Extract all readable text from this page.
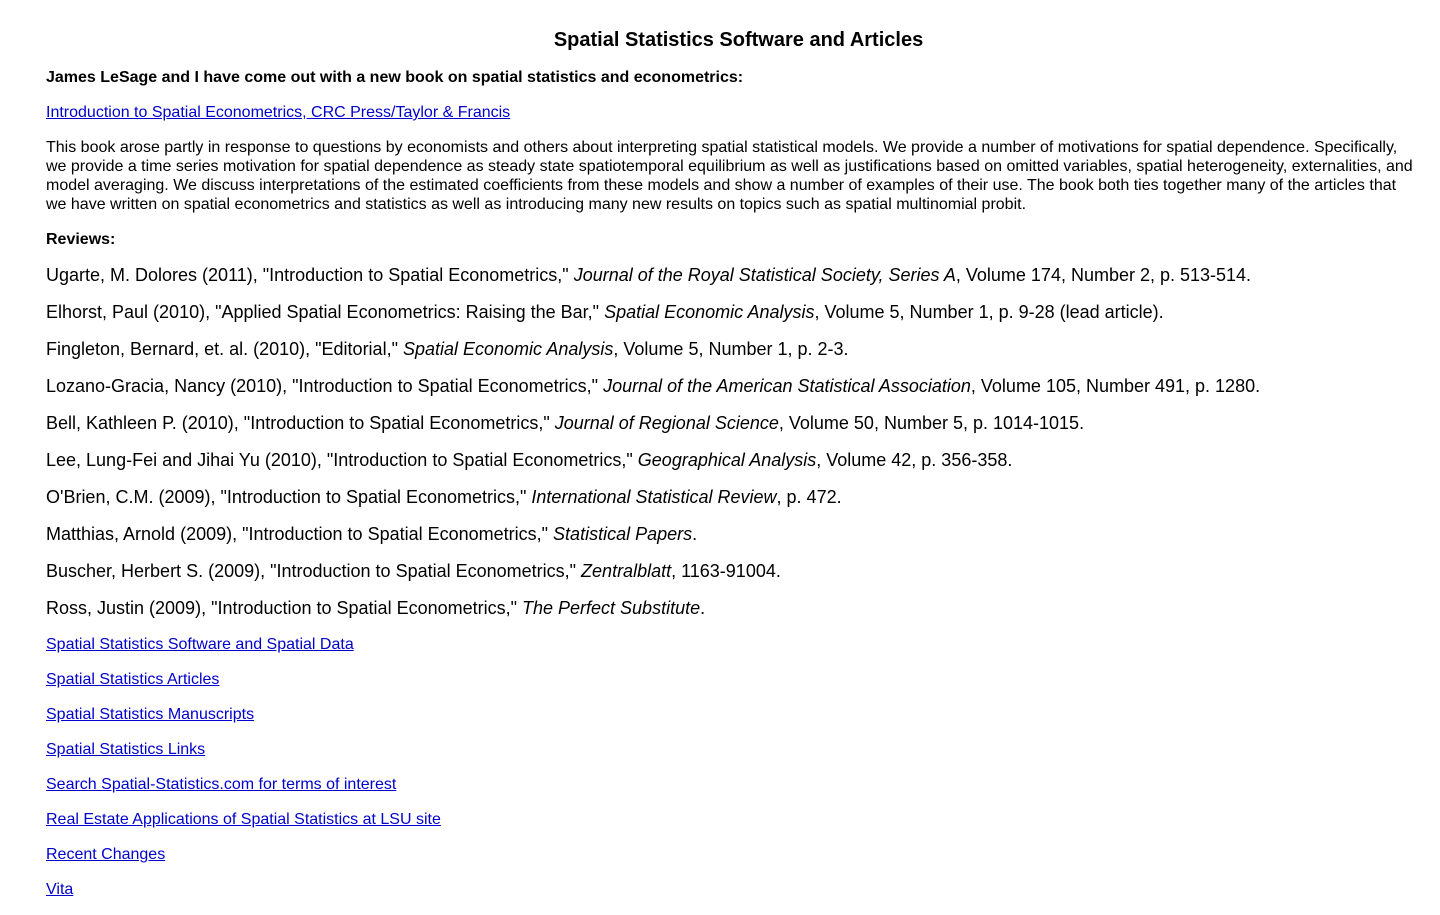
Spatial Statistics Software and Articles

James LeSage and I have come out with a new book on spatial statistics and econometrics:

Introduction to Spatial Econometrics, CRC Press/Taylor & Francis

This book arose partly in response to questions by economists and others about interpreting spatial statistical models. We provide a number of motivations for spatial dependence. Specifically, we provide a time series motivation for spatial dependence as steady state spatiotemporal equilibrium as well as justifications based on omitted variables, spatial heterogeneity, externalities, and model averaging. We discuss interpretations of the estimated coefficients from these models and show a number of examples of their use. The book both ties together many of the articles that we have written on spatial econometrics and statistics as well as introducing many new results on topics such as spatial multinomial probit.

Reviews:

Ugarte, M. Dolores (2011), "Introduction to Spatial Econometrics," Journal of the Royal Statistical Society, Series A, Volume 174, Number 2, p. 513-514.
Elhorst, Paul (2010), "Applied Spatial Econometrics: Raising the Bar," Spatial Economic Analysis, Volume 5, Number 1, p. 9-28 (lead article).
Fingleton, Bernard, et. al. (2010), "Editorial," Spatial Economic Analysis, Volume 5, Number 1, p. 2-3.
Lozano-Gracia, Nancy (2010), "Introduction to Spatial Econometrics," Journal of the American Statistical Association, Volume 105, Number 491, p. 1280.
Bell, Kathleen P. (2010), "Introduction to Spatial Econometrics," Journal of Regional Science, Volume 50, Number 5, p. 1014-1015.
Lee, Lung-Fei and Jihai Yu (2010), "Introduction to Spatial Econometrics," Geographical Analysis, Volume 42, p. 356-358.
O'Brien, C.M. (2009), "Introduction to Spatial Econometrics," International Statistical Review, p. 472.
Matthias, Arnold (2009), "Introduction to Spatial Econometrics," Statistical Papers.
Buscher, Herbert S. (2009), "Introduction to Spatial Econometrics," Zentralblatt, 1163-91004.
Ross, Justin (2009), "Introduction to Spatial Econometrics," The Perfect Substitute.
Spatial Statistics Software and Spatial Data
Spatial Statistics Articles
Spatial Statistics Manuscripts
Spatial Statistics Links
Search Spatial-Statistics.com for terms of interest
Real Estate Applications of Spatial Statistics at LSU site
Recent Changes
Vita
